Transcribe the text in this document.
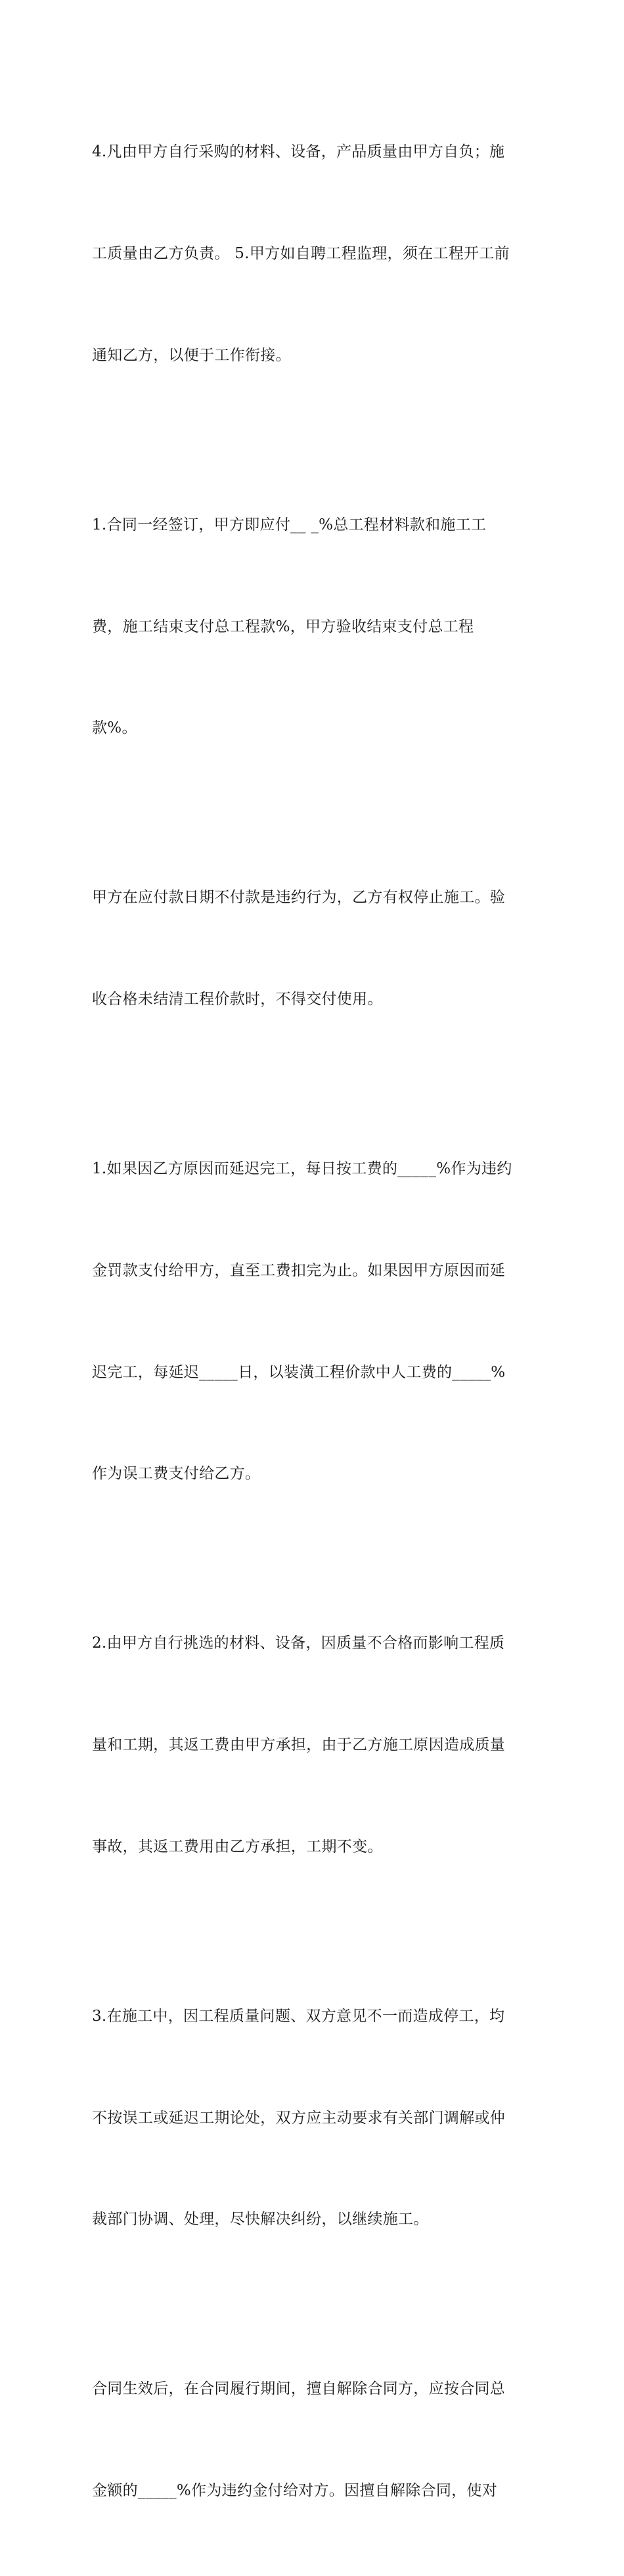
4.凡由甲方自行采购的材料、设备，产品质量由甲方自负；施

工质量由乙方负责。 5.甲方如自聘工程监理，须在工程开工前

通知乙方，以便于工作衔接。

1.合同一经签订，甲方即应付__ _%总工程材料款和施工工

费，施工结束支付总工程款%，甲方验收结束支付总工程

款%。

甲方在应付款日期不付款是违约行为，乙方有权停止施工。验

收合格未结清工程价款时，不得交付使用。

1.如果因乙方原因而延迟完工，每日按工费的_____%作为违约

金罚款支付给甲方，直至工费扣完为止。如果因甲方原因而延

迟完工，每延迟_____日，以装潢工程价款中人工费的_____%

作为误工费支付给乙方。

2.由甲方自行挑选的材料、设备，因质量不合格而影响工程质

量和工期，其返工费由甲方承担，由于乙方施工原因造成质量

事故，其返工费用由乙方承担，工期不变。

3.在施工中，因工程质量问题、双方意见不一而造成停工，均

不按误工或延迟工期论处，双方应主动要求有关部门调解或仲

裁部门协调、处理，尽快解决纠纷，以继续施工。

合同生效后，在合同履行期间，擅自解除合同方，应按合同总

金额的_____%作为违约金付给对方。因擅自解除合同，使对
